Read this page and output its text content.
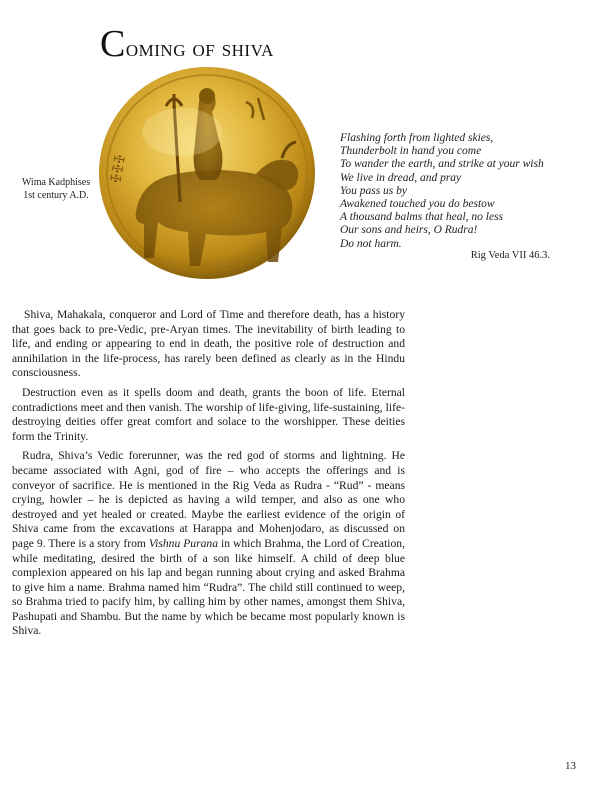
Coming of shiva
ꔀꔀꔀ
Wima Kadphises
1st century A.D.
Flashing forth from lighted skies,
Thunderbolt in hand you come
To wander the earth, and strike at your wish
We live in dread, and pray
You pass us by
Awakened touched you do bestow
A thousand balms that heal, no less
Our sons and heirs, O Rudra!
Do not harm.
Rig Veda VII 46.3.

Shiva, Mahakala, conqueror and Lord of Time and therefore death, has a history that goes back to pre-Vedic, pre-Aryan times. The inevitability of birth leading to life, and ending or appearing to end in death, the positive role of destruction and annihilation in the life-process, has rarely been defined as clearly as in the Hindu consciousness.

Destruction even as it spells doom and death, grants the boon of life. Eternal contradictions meet and then vanish. The worship of life-giving, life-sustaining, life-destroying deities offer great comfort and solace to the worshipper. These deities form the Trinity.

Rudra, Shiva’s Vedic forerunner, was the red god of storms and lightning. He became associated with Agni, god of fire – who accepts the offerings and is conveyor of sacrifice. He is mentioned in the Rig Veda as Rudra - “Rud” - means crying, howler – he is depicted as having a wild temper, and also as one who destroyed and yet healed or created. Maybe the earliest evidence of the origin of Shiva came from the excavations at Harappa and Mohenjodaro, as discussed on page 9. There is a story from Vishnu Purana in which Brahma, the Lord of Creation, while meditating, desired the birth of a son like himself. A child of deep blue complexion appeared on his lap and began running about crying and asked Brahma to give him a name. Brahma named him “Rudra”. The child still continued to weep, so Brahma tried to pacify him, by calling him by other names, amongst them Shiva, Pashupati and Shambu. But the name by which be became most popularly known is Shiva.

13
